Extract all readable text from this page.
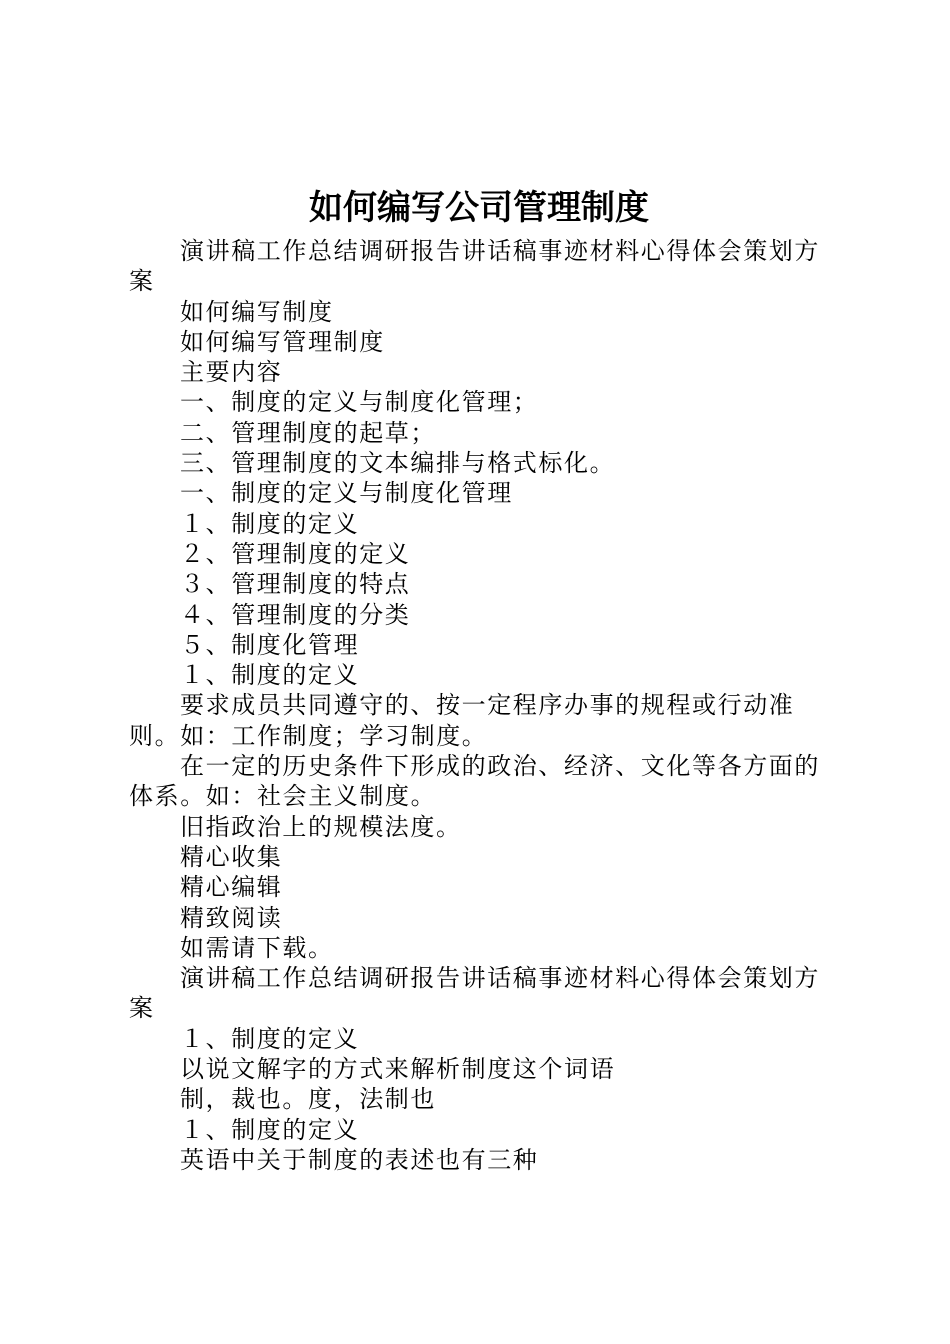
如何编写公司管理制度

演讲稿工作总结调研报告讲话稿事迹材料心得体会策划方案

如何编写制度

如何编写管理制度

主要内容

一、制度的定义与制度化管理；

二、管理制度的起草；

三、管理制度的文本编排与格式标化。

一、制度的定义与制度化管理

１、制度的定义

２、管理制度的定义

３、管理制度的特点

４、管理制度的分类

５、制度化管理

１、制度的定义

要求成员共同遵守的、按一定程序办事的规程或行动准则。如：工作制度；学习制度。

在一定的历史条件下形成的政治、经济、文化等各方面的体系。如：社会主义制度。

旧指政治上的规模法度。

精心收集

精心编辑

精致阅读

如需请下载。

演讲稿工作总结调研报告讲话稿事迹材料心得体会策划方案

１、制度的定义

以说文解字的方式来解析制度这个词语

制，裁也。度，法制也

１、制度的定义

英语中关于制度的表述也有三种
